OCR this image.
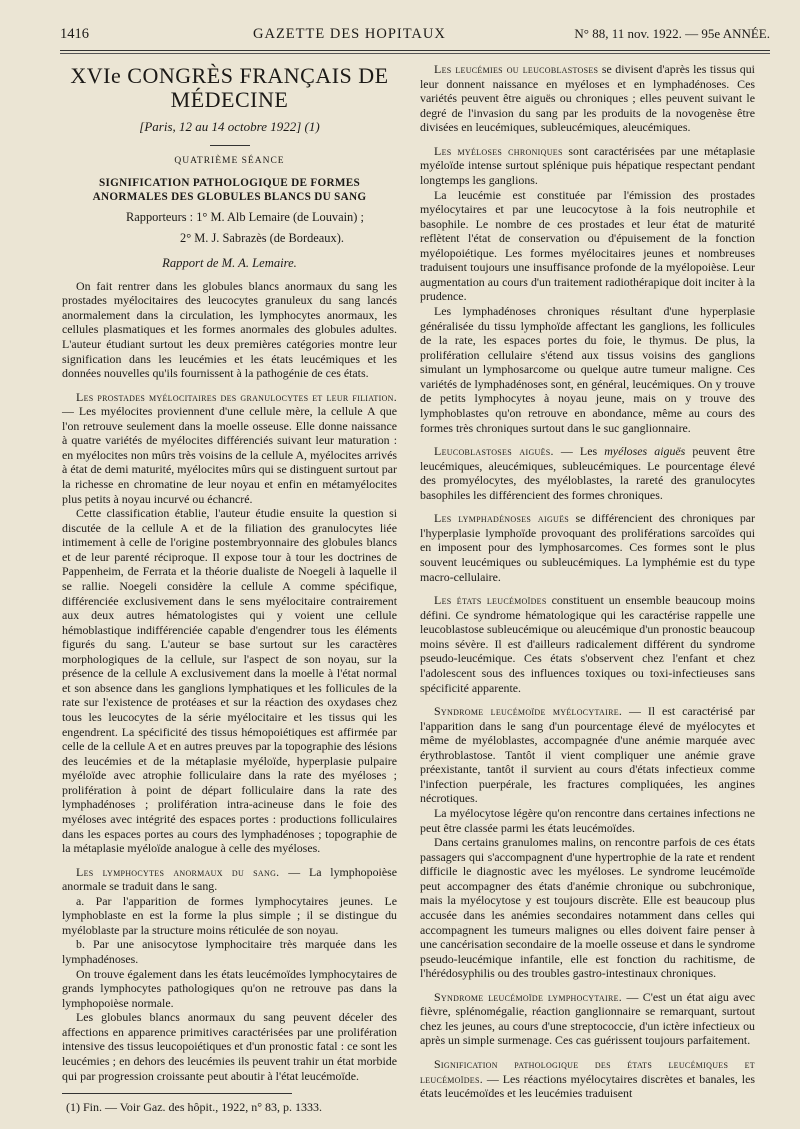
1416	GAZETTE DES HOPITAUX	N° 88, 11 nov. 1922. — 95e ANNÉE.
XVIe CONGRÈS FRANÇAIS DE MÉDECINE
[Paris, 12 au 14 octobre 1922] (1)
QUATRIÈME SÉANCE
SIGNIFICATION PATHOLOGIQUE DE FORMES ANORMALES DES GLOBULES BLANCS DU SANG
Rapporteurs : 1° M. Alb Lemaire (de Louvain) ;
2° M. J. Sabrazès (de Bordeaux).
Rapport de M. A. Lemaire.

On fait rentrer dans les globules blancs anormaux du sang les prostades myélocitaires des leucocytes granuleux du sang lancés anormalement dans la circulation, les lymphocytes anormaux, les cellules plasmatiques et les formes anormales des globules adultes. L'auteur étudiant surtout les deux premières catégories montre leur signification dans les leucémies et les états leucémiques et les données nouvelles qu'ils fournissent à la pathogénie de ces états.

Les prostades myélocitaires des granulocytes et leur filiation. — Les myélocites proviennent d'une cellule mère, la cellule A que l'on retrouve seulement dans la moelle osseuse. Elle donne naissance à quatre variétés de myélocites différenciés suivant leur maturation : en myélocites non mûrs très voisins de la cellule A, myélocites arrivés à état de demi maturité, myélocites mûrs qui se distinguent surtout par la richesse en chromatine de leur noyau et enfin en métamyélocites plus petits à noyau incurvé ou échancré.

Cette classification établie, l'auteur étudie ensuite la question si discutée de la cellule A et de la filiation des granulocytes liée intimement à celle de l'origine postembryonnaire des globules blancs et de leur parenté réciproque. Il expose tour à tour les doctrines de Pappenheim, de Ferrata et la théorie dualiste de Noegeli à laquelle il se rallie. Noegeli considère la cellule A comme spécifique, différenciée exclusivement dans le sens myélocitaire contrairement aux deux autres hématologistes qui y voient une cellule hémoblastique indifférenciée capable d'engendrer tous les éléments figurés du sang. L'auteur se base surtout sur les caractères morphologiques de la cellule, sur l'aspect de son noyau, sur la présence de la cellule A exclusivement dans la moelle à l'état normal et son absence dans les ganglions lymphatiques et les follicules de la rate sur l'existence de protéases et sur la réaction des oxydases chez tous les leucocytes de la série myélocitaire et les tissus qui les engendrent. La spécificité des tissus hémopoiétiques est affirmée par celle de la cellule A et en autres preuves par la topographie des lésions des leucémies et de la métaplasie myéloïde, hyperplasie pulpaire myéloïde avec atrophie folliculaire dans la rate des myéloses ; prolifération à point de départ folliculaire dans la rate des lymphadénoses ; prolifération intra-acineuse dans le foie des myéloses avec intégrité des espaces portes : productions folliculaires dans les espaces portes au cours des lymphadénoses ; topographie de la métaplasie myéloïde analogue à celle des myéloses.

Les lymphocytes anormaux du sang. — La lymphopoièse anormale se traduit dans le sang.

a. Par l'apparition de formes lymphocytaires jeunes. Le lymphoblaste en est la forme la plus simple ; il se distingue du myéloblaste par la structure moins réticulée de son noyau.

b. Par une anisocytose lymphocitaire très marquée dans les lymphadénoses.

On trouve également dans les états leucémoïdes lymphocytaires de grands lymphocytes pathologiques qu'on ne retrouve pas dans la lymphopoièse normale.

Les globules blancs anormaux du sang peuvent déceler des affections en apparence primitives caractérisées par une prolifération intensive des tissus leucopoiétiques et d'un pronostic fatal : ce sont les leucémies ; en dehors des leucémies ils peuvent trahir un état morbide qui par progression croissante peut aboutir à l'état leucémoïde.

(1) Fin. — Voir Gaz. des hôpit., 1922, n° 83, p. 1333.

Les leucémies ou leucoblastoses se divisent d'après les tissus qui leur donnent naissance en myéloses et en lymphadénoses. Ces variétés peuvent être aiguës ou chroniques ; elles peuvent suivant le degré de l'invasion du sang par les produits de la novogenèse être divisées en leucémiques, subleucémiques, aleucémiques.

Les myéloses chroniques sont caractérisées par une métaplasie myéloïde intense surtout splénique puis hépatique respectant pendant longtemps les ganglions.

La leucémie est constituée par l'émission des prostades myélocytaires et par une leucocytose à la fois neutrophile et basophile. Le nombre de ces prostades et leur état de maturité reflètent l'état de conservation ou d'épuisement de la fonction myélopoiétique. Les formes myélocitaires jeunes et nombreuses traduisent toujours une insuffisance profonde de la myélopoièse. Leur augmentation au cours d'un traitement radiothérapique doit inciter à la prudence.

Les lymphadénoses chroniques résultant d'une hyperplasie généralisée du tissu lymphoïde affectant les ganglions, les follicules de la rate, les espaces portes du foie, le thymus. De plus, la prolifération cellulaire s'étend aux tissus voisins des ganglions simulant un lymphosarcome ou quelque autre tumeur maligne. Ces variétés de lymphadénoses sont, en général, leucémiques. On y trouve de petits lymphocytes à noyau jeune, mais on y trouve des lymphoblastes qu'on retrouve en abondance, même au cours des formes très chroniques surtout dans le suc ganglionnaire.

Leucoblastoses aiguës. — Les myéloses aiguës peuvent être leucémiques, aleucémiques, subleucémiques. Le pourcentage élevé des promyélocytes, des myéloblastes, la rareté des granulocytes basophiles les différencient des formes chroniques.

Les lymphadénoses aiguës se différencient des chroniques par l'hyperplasie lymphoïde provoquant des proliférations sarcoïdes qui en imposent pour des lymphosarcomes. Ces formes sont le plus souvent leucémiques ou subleucémiques. La lymphémie est du type macro-cellulaire.

Les états leucémoïdes constituent un ensemble beaucoup moins défini. Ce syndrome hématologique qui les caractérise rappelle une leucoblastose subleucémique ou aleucémique d'un pronostic beaucoup moins sévère. Il est d'ailleurs radicalement différent du syndrome pseudo-leucémique. Ces états s'observent chez l'enfant et chez l'adolescent sous des influences toxiques ou toxi-infectieuses sans spécificité apparente.

Syndrome leucémoïde myélocytaire. — Il est caractérisé par l'apparition dans le sang d'un pourcentage élevé de myélocytes et même de myéloblastes, accompagnée d'une anémie marquée avec érythroblastose. Tantôt il vient compliquer une anémie grave préexistante, tantôt il survient au cours d'états infectieux comme l'infection puerpérale, les fractures compliquées, les angines nécrotiques.

La myélocytose légère qu'on rencontre dans certaines infections ne peut être classée parmi les états leucémoïdes.

Dans certains granulomes malins, on rencontre parfois de ces états passagers qui s'accompagnent d'une hypertrophie de la rate et rendent difficile le diagnostic avec les myéloses. Le syndrome leucémoïde peut accompagner des états d'anémie chronique ou subchronique, mais la myélocytose y est toujours discrète. Elle est beaucoup plus accusée dans les anémies secondaires notamment dans celles qui accompagnent les tumeurs malignes ou elles doivent faire penser à une cancérisation secondaire de la moelle osseuse et dans le syndrome pseudo-leucémique infantile, elle est fonction du rachitisme, de l'hérédosyphilis ou des troubles gastro-intestinaux chroniques.

Syndrome leucémoïde lymphocytaire. — C'est un état aigu avec fièvre, splénomégalie, réaction ganglionnaire se remarquant, surtout chez les jeunes, au cours d'une streptococcie, d'un ictère infectieux ou après un simple surmenage. Ces cas guérissent toujours parfaitement.

Signification pathologique des états leucémiques et leucémoïdes. — Les réactions myélocytaires discrètes et banales, les états leucémoïdes et les leucémies traduisent
